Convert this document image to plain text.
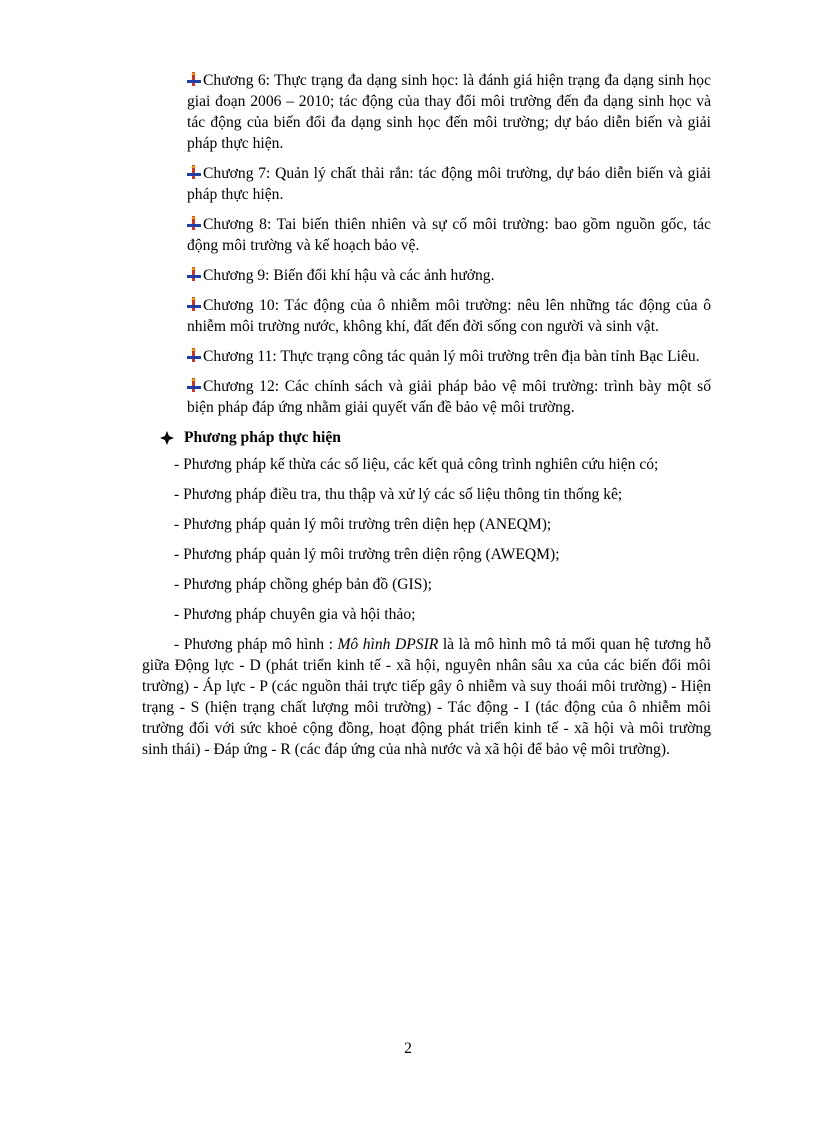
Chương 6: Thực trạng đa dạng sinh học: là đánh giá hiện trạng đa dạng sinh học giai đoạn 2006 – 2010; tác động của thay đổi môi trường đến đa dạng sinh học và tác động của biến đổi đa dạng sinh học đến môi trường; dự báo diễn biến và giải pháp thực hiện.

Chương 7: Quản lý chất thải rắn: tác động môi trường, dự báo diễn biến và giải pháp thực hiện.

Chương 8: Tai biến thiên nhiên và sự cố môi trường: bao gồm nguồn gốc, tác động môi trường và kế hoạch bảo vệ.

Chương 9: Biến đổi khí hậu và các ảnh hưởng.

Chương 10: Tác động của ô nhiễm môi trường: nêu lên những tác động của ô nhiễm môi trường nước, không khí, đất đến đời sống con người và sinh vật.

Chương 11: Thực trạng công tác quản lý môi trường trên địa bàn tỉnh Bạc Liêu.

Chương 12: Các chính sách và giải pháp bảo vệ môi trường: trình bày một số biện pháp đáp ứng nhằm giải quyết vấn đề bảo vệ môi trường.

Phương pháp thực hiện

- Phương pháp kế thừa các số liệu, các kết quả công trình nghiên cứu hiện có;

- Phương pháp điều tra, thu thập và xử lý các số liệu thông tin thống kê;

- Phương pháp quản lý môi trường trên diện hẹp (ANEQM);

- Phương pháp quản lý môi trường trên diện rộng (AWEQM);

- Phương pháp chồng ghép bản đồ (GIS);

- Phương pháp chuyên gia và hội thảo;

- Phương pháp mô hình : Mô hình DPSIR là là mô hình mô tả mối quan hệ tương hỗ giữa Động lực - D (phát triển kinh tế - xã hội, nguyên nhân sâu xa của các biến đổi môi trường) - Áp lực - P (các nguồn thải trực tiếp gây ô nhiễm và suy thoái môi trường) - Hiện trạng - S (hiện trạng chất lượng môi trường) - Tác động - I (tác động của ô nhiễm môi trường đối với sức khoẻ cộng đồng, hoạt động phát triển kinh tế - xã hội và môi trường sinh thái) - Đáp ứng - R (các đáp ứng của nhà nước và xã hội để bảo vệ môi trường).

2
